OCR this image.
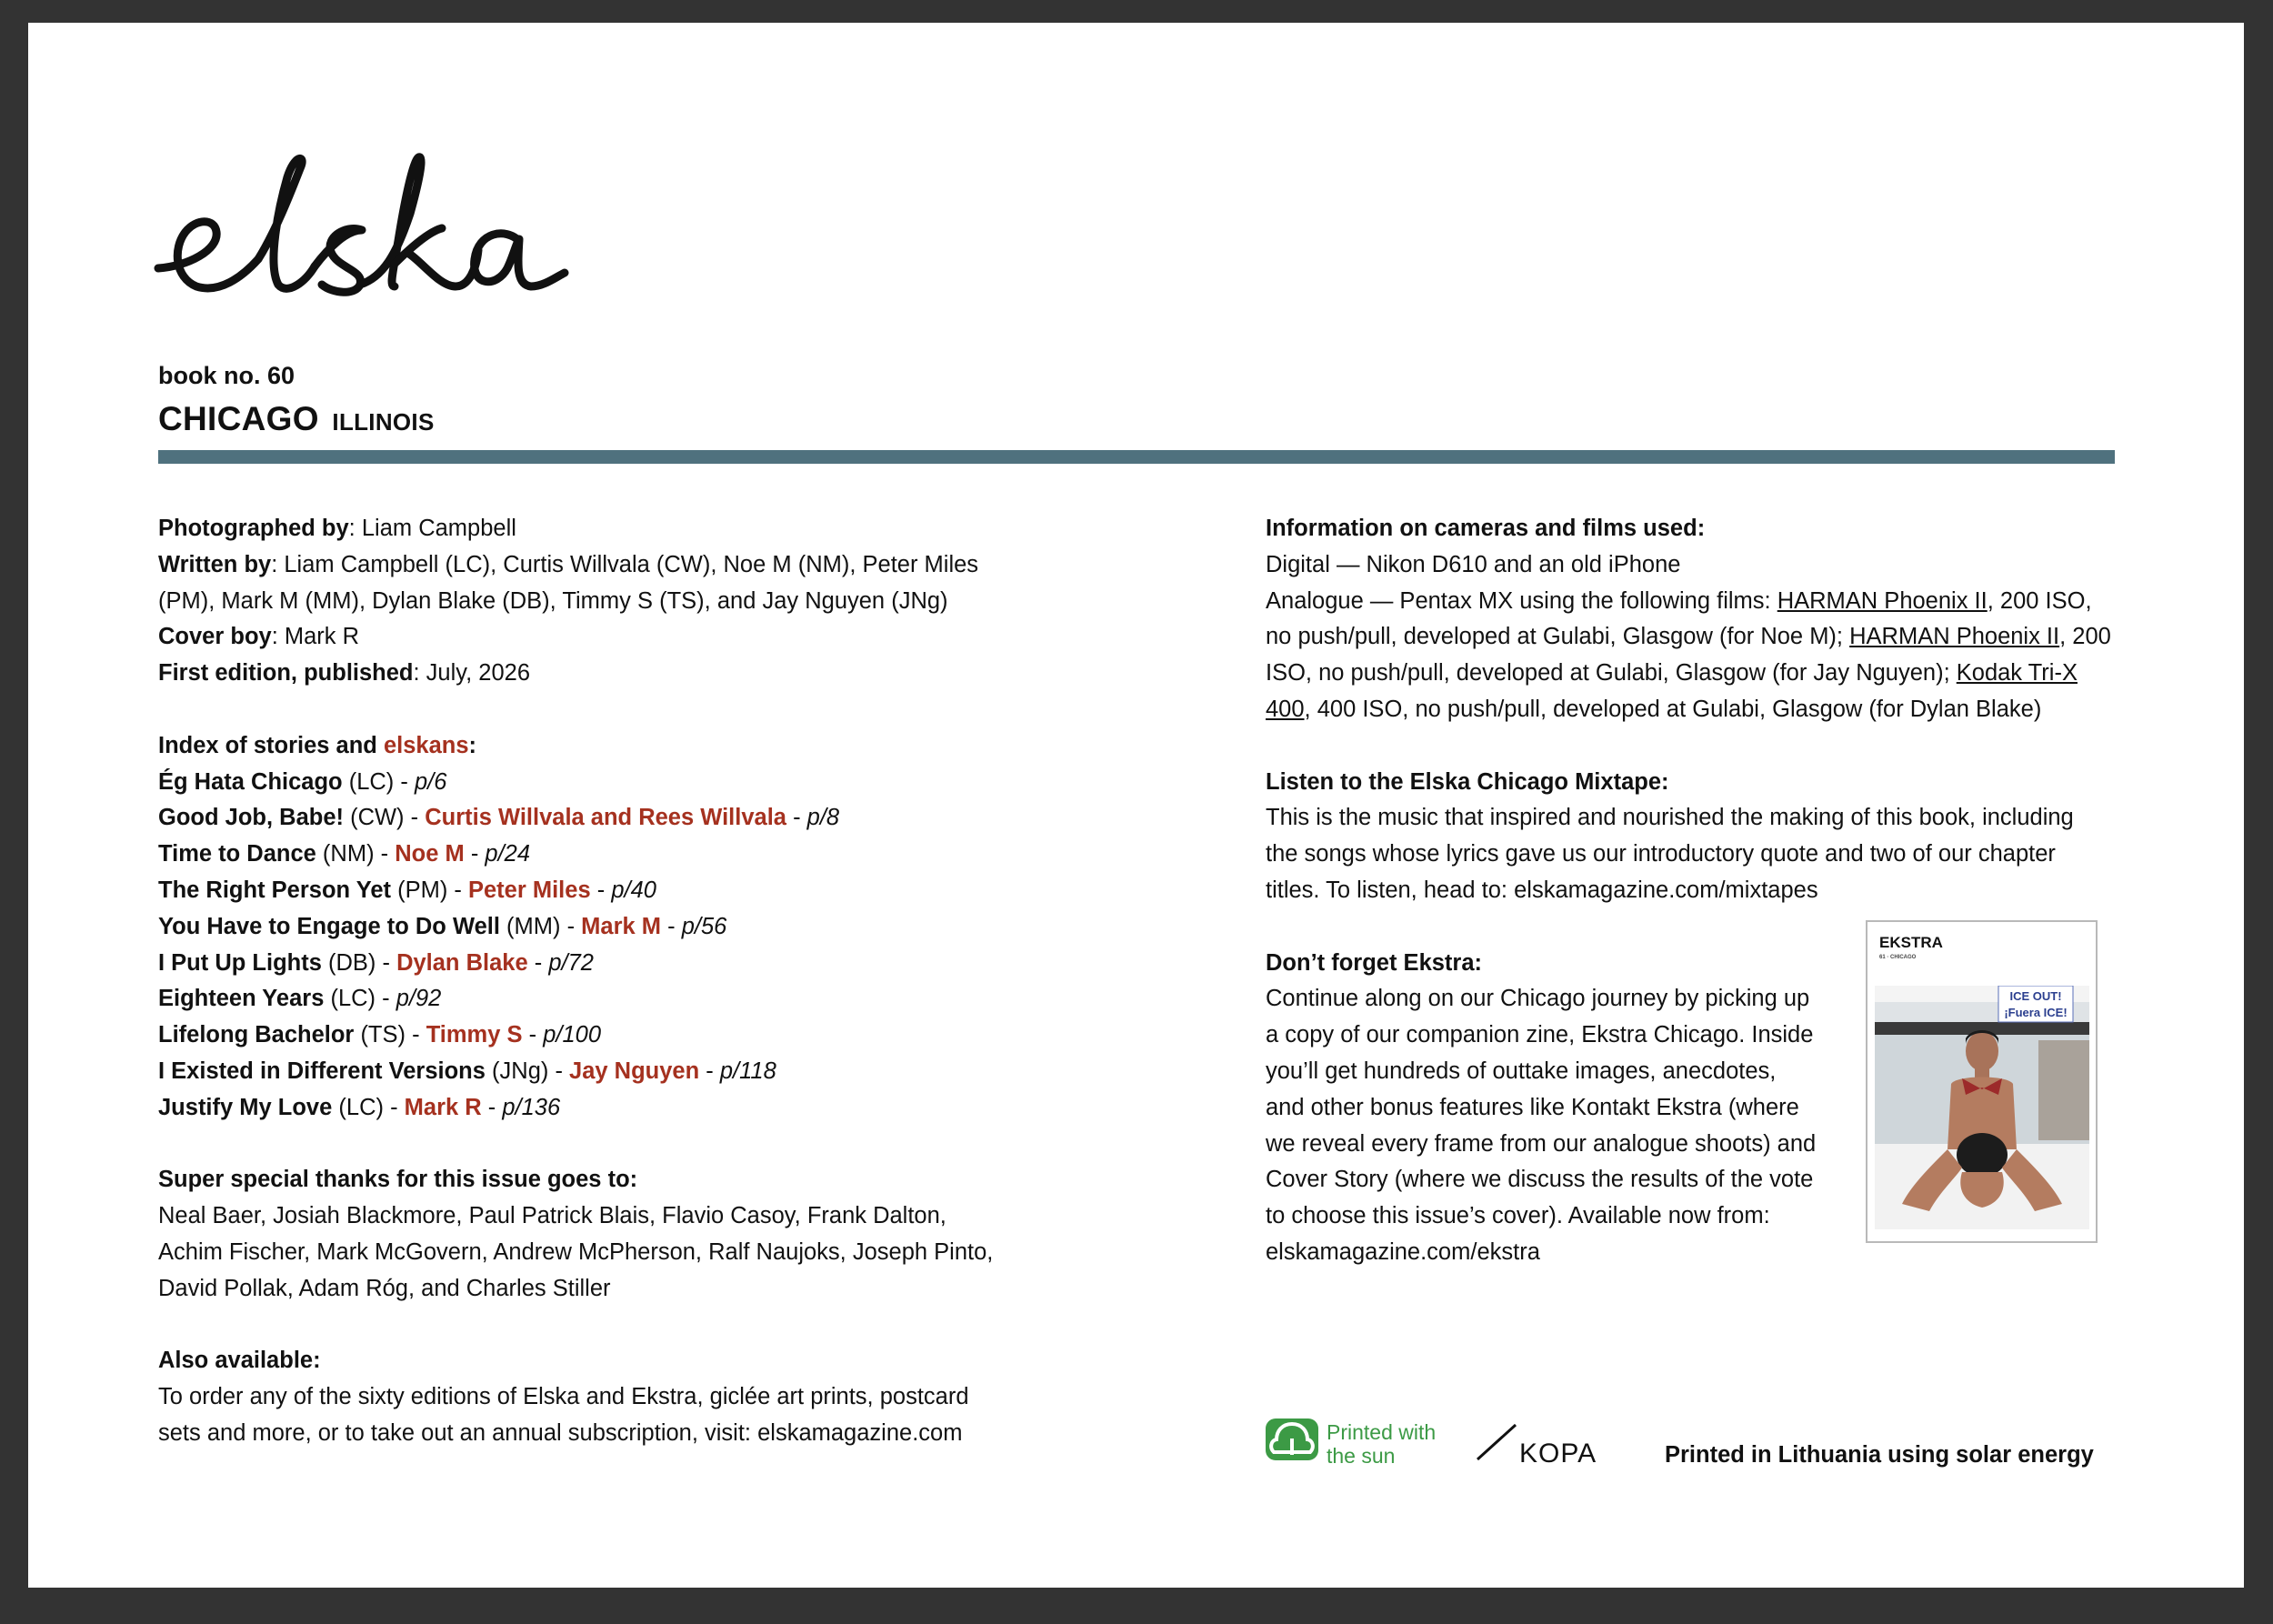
book no. 60
CHICAGO ILLINOIS
Photographed by: Liam Campbell
Written by: Liam Campbell (LC), Curtis Willvala (CW), Noe M (NM), Peter Miles
(PM), Mark M (MM), Dylan Blake (DB), Timmy S (TS), and Jay Nguyen (JNg)
Cover boy: Mark R
First edition, published: July, 2026
Index of stories and elskans:
Ég Hata Chicago (LC) - p/6
Good Job, Babe! (CW) - Curtis Willvala and Rees Willvala - p/8
Time to Dance (NM) - Noe M - p/24
The Right Person Yet (PM) - Peter Miles - p/40
You Have to Engage to Do Well (MM) - Mark M - p/56
I Put Up Lights (DB) - Dylan Blake - p/72
Eighteen Years (LC) - p/92
Lifelong Bachelor (TS) - Timmy S - p/100
I Existed in Different Versions (JNg) - Jay Nguyen - p/118
Justify My Love (LC) - Mark R - p/136
Super special thanks for this issue goes to:
Neal Baer, Josiah Blackmore, Paul Patrick Blais, Flavio Casoy, Frank Dalton,
Achim Fischer, Mark McGovern, Andrew McPherson, Ralf Naujoks, Joseph Pinto,
David Pollak, Adam Róg, and Charles Stiller
Also available:
To order any of the sixty editions of Elska and Ekstra, giclée art prints, postcard
sets and more, or to take out an annual subscription, visit: elskamagazine.com
Information on cameras and films used:
Digital — Nikon D610 and an old iPhone
Analogue — Pentax MX using the following films: HARMAN Phoenix II, 200 ISO,
no push/pull, developed at Gulabi, Glasgow (for Noe M); HARMAN Phoenix II, 200
ISO, no push/pull, developed at Gulabi, Glasgow (for Jay Nguyen); Kodak Tri-X
400, 400 ISO, no push/pull, developed at Gulabi, Glasgow (for Dylan Blake)
Listen to the Elska Chicago Mixtape:
This is the music that inspired and nourished the making of this book, including
the songs whose lyrics gave us our introductory quote and two of our chapter
titles. To listen, head to: elskamagazine.com/mixtapes
Don’t forget Ekstra:
Continue along on our Chicago journey by picking up
a copy of our companion zine, Ekstra Chicago. Inside
you’ll get hundreds of outtake images, anecdotes,
and other bonus features like Kontakt Ekstra (where
we reveal every frame from our analogue shoots) and
Cover Story (where we discuss the results of the vote
to choose this issue’s cover). Available now from:
elskamagazine.com/ekstra
EKSTRA
61 · CHICAGO
ICE OUT!
¡Fuera ICE!
Printed with
the sun	KOPA	Printed in Lithuania using solar energy
